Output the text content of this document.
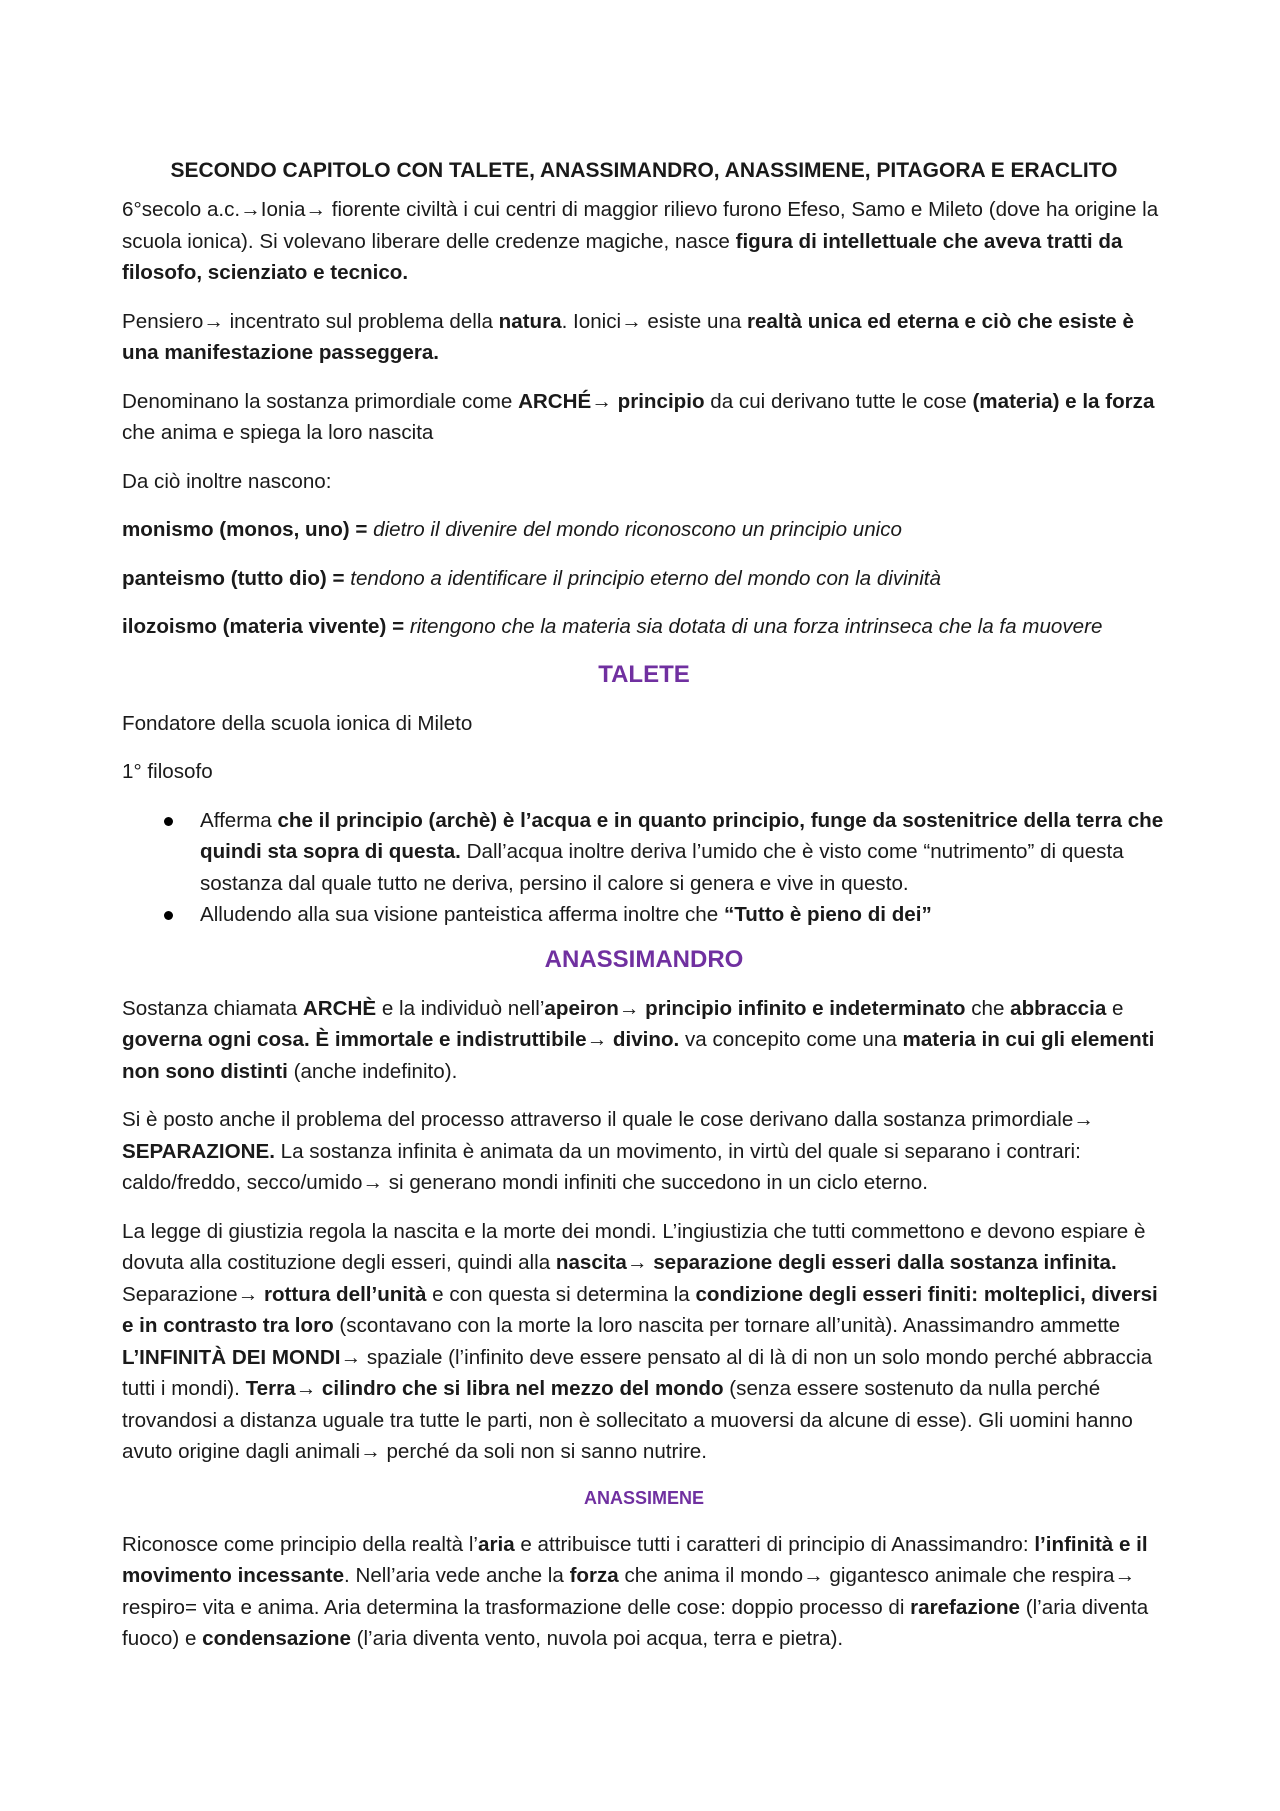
SECONDO CAPITOLO CON TALETE, ANASSIMANDRO, ANASSIMENE, PITAGORA E ERACLITO

6°secolo a.c.→Ionia→ fiorente civiltà i cui centri di maggior rilievo furono Efeso, Samo e Mileto (dove ha origine la scuola ionica). Si volevano liberare delle credenze magiche, nasce figura di intellettuale che aveva tratti da filosofo, scienziato e tecnico.

Pensiero→ incentrato sul problema della natura. Ionici→ esiste una realtà unica ed eterna e ciò che esiste è una manifestazione passeggera.

Denominano la sostanza primordiale come ARCHÉ→ principio da cui derivano tutte le cose (materia) e la forza che anima e spiega la loro nascita

Da ciò inoltre nascono:

monismo (monos, uno) = dietro il divenire del mondo riconoscono un principio unico

panteismo (tutto dio) = tendono a identificare il principio eterno del mondo con la divinità

ilozoismo (materia vivente) = ritengono che la materia sia dotata di una forza intrinseca che la fa muovere

TALETE

Fondatore della scuola ionica di Mileto

1° filosofo

Afferma che il principio (archè) è l’acqua e in quanto principio, funge da sostenitrice della terra che quindi sta sopra di questa. Dall’acqua inoltre deriva l’umido che è visto come “nutrimento” di questa sostanza dal quale tutto ne deriva, persino il calore si genera e vive in questo.
Alludendo alla sua visione panteistica afferma inoltre che “Tutto è pieno di dei”
ANASSIMANDRO

Sostanza chiamata ARCHÈ e la individuò nell’apeiron→ principio infinito e indeterminato che abbraccia e governa ogni cosa. È immortale e indistruttibile→ divino. va concepito come una materia in cui gli elementi non sono distinti (anche indefinito).

Si è posto anche il problema del processo attraverso il quale le cose derivano dalla sostanza primordiale→ SEPARAZIONE. La sostanza infinita è animata da un movimento, in virtù del quale si separano i contrari: caldo/freddo, secco/umido→ si generano mondi infiniti che succedono in un ciclo eterno.

La legge di giustizia regola la nascita e la morte dei mondi. L’ingiustizia che tutti commettono e devono espiare è dovuta alla costituzione degli esseri, quindi alla nascita→ separazione degli esseri dalla sostanza infinita. Separazione→ rottura dell’unità e con questa si determina la condizione degli esseri finiti: molteplici, diversi e in contrasto tra loro (scontavano con la morte la loro nascita per tornare all’unità). Anassimandro ammette L’INFINITÀ DEI MONDI→ spaziale (l’infinito deve essere pensato al di là di non un solo mondo perché abbraccia tutti i mondi). Terra→ cilindro che si libra nel mezzo del mondo (senza essere sostenuto da nulla perché trovandosi a distanza uguale tra tutte le parti, non è sollecitato a muoversi da alcune di esse). Gli uomini hanno avuto origine dagli animali→ perché da soli non si sanno nutrire.

ANASSIMENE

Riconosce come principio della realtà l’aria e attribuisce tutti i caratteri di principio di Anassimandro: l’infinità e il movimento incessante. Nell’aria vede anche la forza che anima il mondo→ gigantesco animale che respira→ respiro= vita e anima. Aria determina la trasformazione delle cose: doppio processo di rarefazione (l’aria diventa fuoco) e condensazione (l’aria diventa vento, nuvola poi acqua, terra e pietra).
